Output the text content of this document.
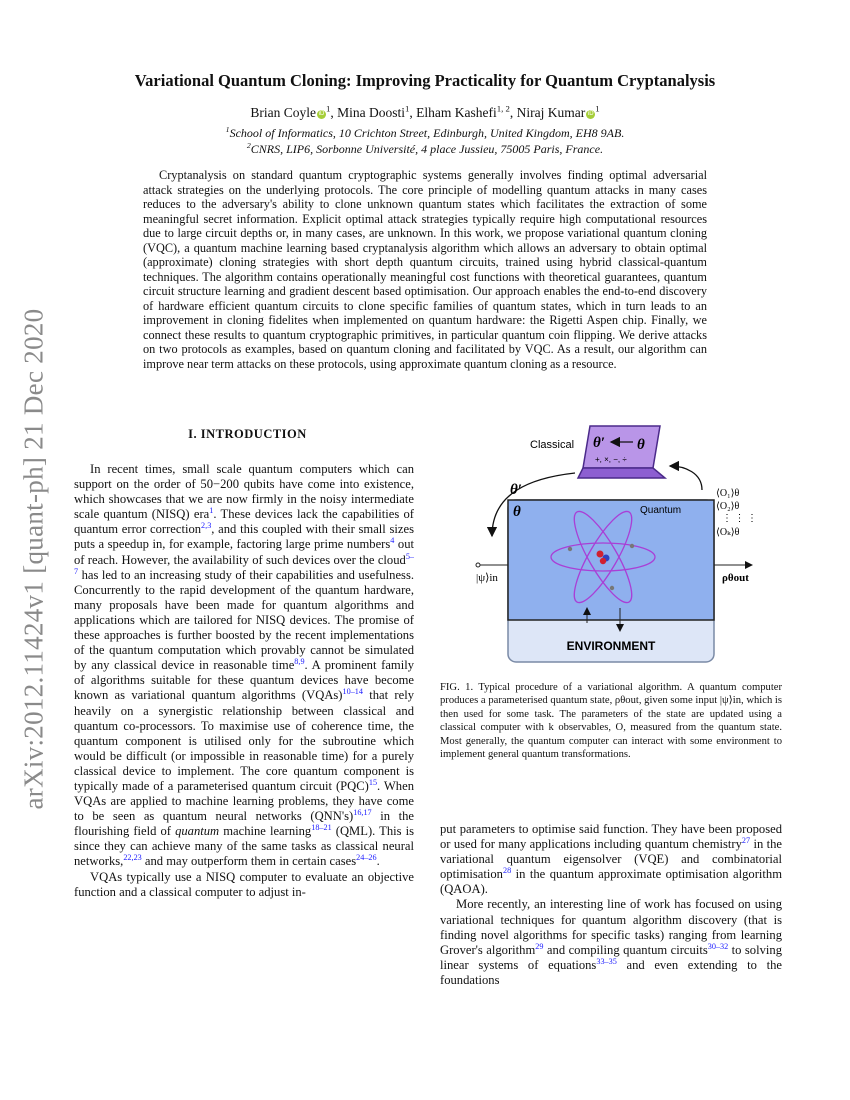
arXiv:2012.11424v1 [quant-ph] 21 Dec 2020
Variational Quantum Cloning: Improving Practicality for Quantum Cryptanalysis
Brian Coyle $iD^1$, Mina Doosti$^1$, Elham Kashefi$^{1, 2}$, Niraj Kumar $iD^1$
$^1$School of Informatics, 10 Crichton Street, Edinburgh, United Kingdom, EH8 9AB.
$^2$CNRS, LIP6, Sorbonne Université, 4 place Jussieu, 75005 Paris, France.

Cryptanalysis on standard quantum cryptographic systems generally involves finding optimal adversarial attack strategies on the underlying protocols. The core principle of modelling quantum attacks in many cases reduces to the adversary's ability to clone unknown quantum states which facilitates the extraction of some meaningful secret information. Explicit optimal attack strategies typically require high computational resources due to large circuit depths or, in many cases, are unknown. In this work, we propose variational quantum cloning (VQC), a quantum machine learning based cryptanalysis algorithm which allows an adversary to obtain optimal (approximate) cloning strategies with short depth quantum circuits, trained using hybrid classical-quantum techniques. The algorithm contains operationally meaningful cost functions with theoretical guarantees, quantum circuit structure learning and gradient descent based optimisation. Our approach enables the end-to-end discovery of hardware efficient quantum circuits to clone specific families of quantum states, which in turn leads to an improvement in cloning fidelites when implemented on quantum hardware: the Rigetti Aspen chip. Finally, we connect these results to quantum cryptographic primitives, in particular quantum coin flipping. We derive attacks on two protocols as examples, based on quantum cloning and facilitated by VQC. As a result, our algorithm can improve near term attacks on these protocols, using approximate quantum cloning as a resource.

I. INTRODUCTION

In recent times, small scale quantum computers which can support on the order of 50−200 qubits have come into existence, which showcases that we are now firmly in the noisy intermediate scale quantum (NISQ) era$^1$. These devices lack the capabilities of quantum error correction$^{2,3}$, and this coupled with their small sizes puts a speedup in, for example, factoring large prime numbers$^4$ out of reach. However, the availability of such devices over the cloud$^{5-7}$ has led to an increasing study of their capabilities and usefulness. Concurrently to the rapid development of the quantum hardware, many proposals have been made for quantum algorithms and applications which are tailored for NISQ devices. The promise of these approaches is further boosted by the recent implementations of the quantum computation which provably cannot be simulated by any classical device in reasonable time$^{8,9}$. A prominent family of algorithms suitable for these quantum devices have become known as variational quantum algorithms (VQAs)$^{10-14}$ that rely heavily on a synergistic relationship between classical and quantum co-processors. To maximise use of coherence time, the quantum component is utilised only for the subroutine which would be difficult (or impossible in reasonable time) for a purely classical device to implement. The core quantum component is typically made of a parameterised quantum circuit (PQC)$^{15}$. When VQAs are applied to machine learning problems, they have come to be seen as quantum neural networks (QNN's)$^{16,17}$ in the flourishing field of quantum machine learning$^{18-21}$ (QML). This is since they can achieve many of the same tasks as classical neural networks,$^{22,23}$ and may outperform them in certain cases$^{24-26}$.

VQAs typically use a NISQ computer to evaluate an objective function and a classical computer to adjust in-

put parameters to optimise said function. They have been proposed or used for many applications including quantum chemistry$^{27}$ in the variational quantum eigensolver (VQE) and combinatorial optimisation$^{28}$ in the quantum approximate optimisation algorithm (QAOA).

More recently, an interesting line of work has focused on using variational techniques for quantum algorithm discovery (that is finding novel algorithms for specific tasks) ranging from learning Grover's algorithm$^{29}$ and compiling quantum circuits$^{30-32}$ to solving linear systems of equations$^{33-35}$ and even extending to the foundations

Quantum
θ
ENVIRONMENT
|ψ⟩in	ρθout
⟨O₁⟩θ
⟨O₂⟩θ
⋮ ⋮ ⋮
⟨Oₖ⟩θ
θ′ θ
+, ×, −, ÷
Classical
θ′
FIG. 1. Typical procedure of a variational algorithm. A quantum computer produces a parameterised quantum state, ρθout, given some input |ψ⟩in, which is then used for some task. The parameters of the state are updated using a classical computer with k observables, O, measured from the quantum state. Most generally, the quantum computer can interact with some environment to implement general quantum transformations.
